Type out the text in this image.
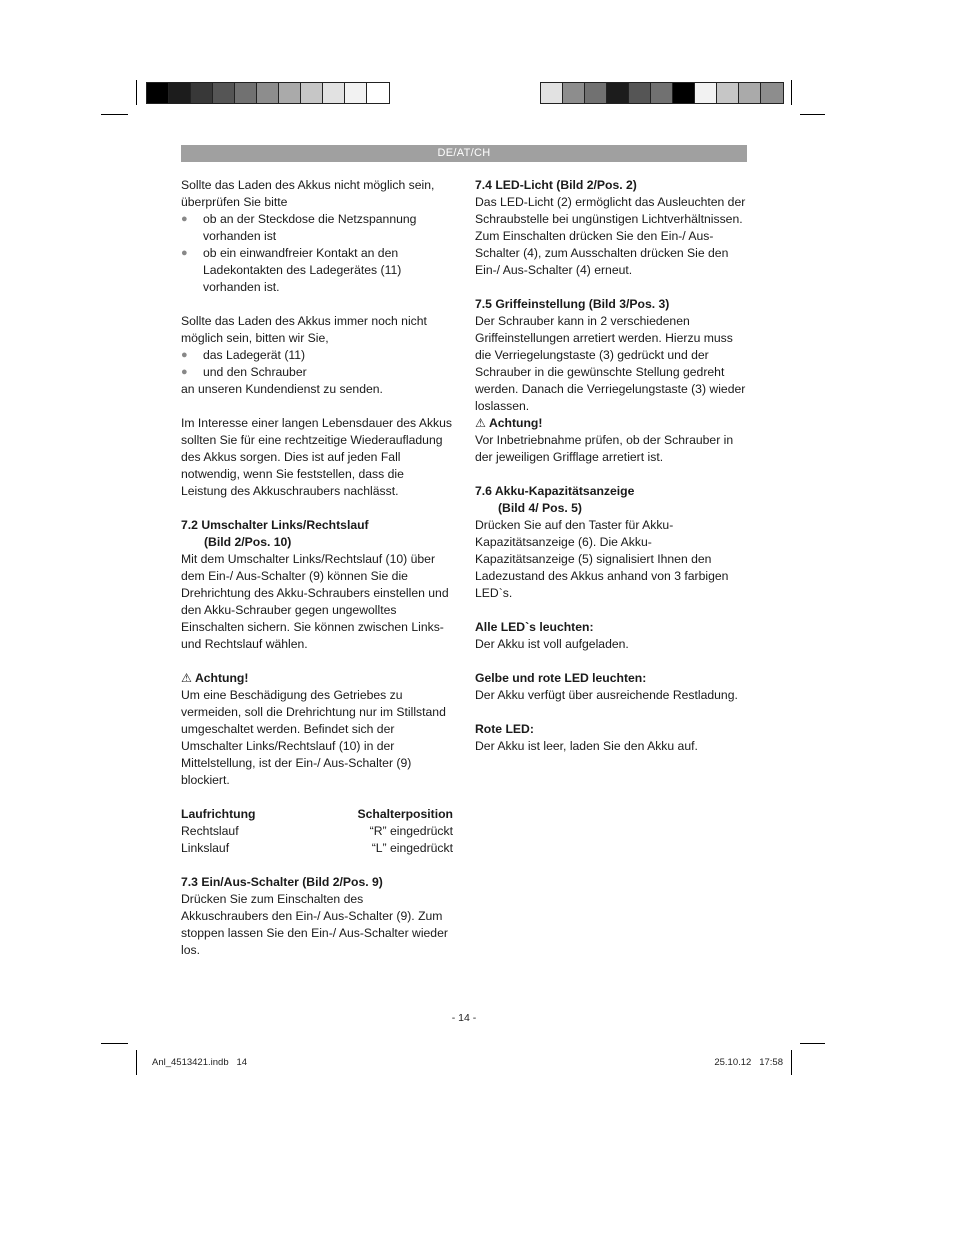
DE/AT/CH

Sollte das Laden des Akkus nicht möglich sein, überprüfen Sie bitte

● ob an der Steckdose die Netzspannung vorhanden ist
● ob ein einwandfreier Kontakt an den Ladekontakten des Ladegerätes (11) vorhanden ist.

Sollte das Laden des Akkus immer noch nicht möglich sein, bitten wir Sie,

● das Ladegerät (11)
● und den Schrauber

an unseren Kundendienst zu senden.

Im Interesse einer langen Lebensdauer des Akkus sollten Sie für eine rechtzeitige Wiederaufladung des Akkus sorgen. Dies ist auf jeden Fall notwendig, wenn Sie feststellen, dass die Leistung des Akkuschraubers nachlässt.

7.2 Umschalter Links/Rechtslauf
(Bild 2/Pos. 10)

Mit dem Umschalter Links/Rechtslauf (10) über dem Ein-/ Aus-Schalter (9) können Sie die Drehrichtung des Akku-Schraubers einstellen und den Akku-Schrauber gegen ungewolltes Einschalten sichern. Sie können zwischen Links-und Rechtslauf wählen.

⚠ Achtung!

Um eine Beschädigung des Getriebes zu vermeiden, soll die Drehrichtung nur im Stillstand umgeschaltet werden. Befindet sich der Umschalter Links/Rechtslauf (10) in der Mittelstellung, ist der Ein-/ Aus-Schalter (9) blockiert.

Laufrichtung	Schalterposition
Rechtslauf	“R” eingedrückt
Linkslauf	“L” eingedrückt
7.3 Ein/Aus-Schalter (Bild 2/Pos. 9)

Drücken Sie zum Einschalten des Akkuschraubers den Ein-/ Aus-Schalter (9). Zum stoppen lassen Sie den Ein-/ Aus-Schalter wieder los.

7.4 LED-Licht (Bild 2/Pos. 2)

Das LED-Licht (2) ermöglicht das Ausleuchten der Schraubstelle bei ungünstigen Lichtverhältnissen. Zum Einschalten drücken Sie den Ein-/ Aus-Schalter (4), zum Ausschalten drücken Sie den Ein-/ Aus-Schalter (4) erneut.

7.5 Griffeinstellung (Bild 3/Pos. 3)

Der Schrauber kann in 2 verschiedenen Griffeinstellungen arretiert werden. Hierzu muss die Verriegelungstaste (3) gedrückt und der Schrauber in die gewünschte Stellung gedreht werden. Danach die Verriegelungstaste (3) wieder loslassen.

⚠ Achtung!

Vor Inbetriebnahme prüfen, ob der Schrauber in der jeweiligen Grifflage arretiert ist.

7.6 Akku-Kapazitätsanzeige
(Bild 4/ Pos. 5)

Drücken Sie auf den Taster für Akku-Kapazitätsanzeige (6). Die Akku-Kapazitätsanzeige (5) signalisiert Ihnen den Ladezustand des Akkus anhand von 3 farbigen LED`s.

Alle LED`s leuchten:

Der Akku ist voll aufgeladen.

Gelbe und rote LED leuchten:

Der Akku verfügt über ausreichende Restladung.

Rote LED:

Der Akku ist leer, laden Sie den Akku auf.

- 14 -
Anl_4513421.indb   14	25.10.12   17:58
